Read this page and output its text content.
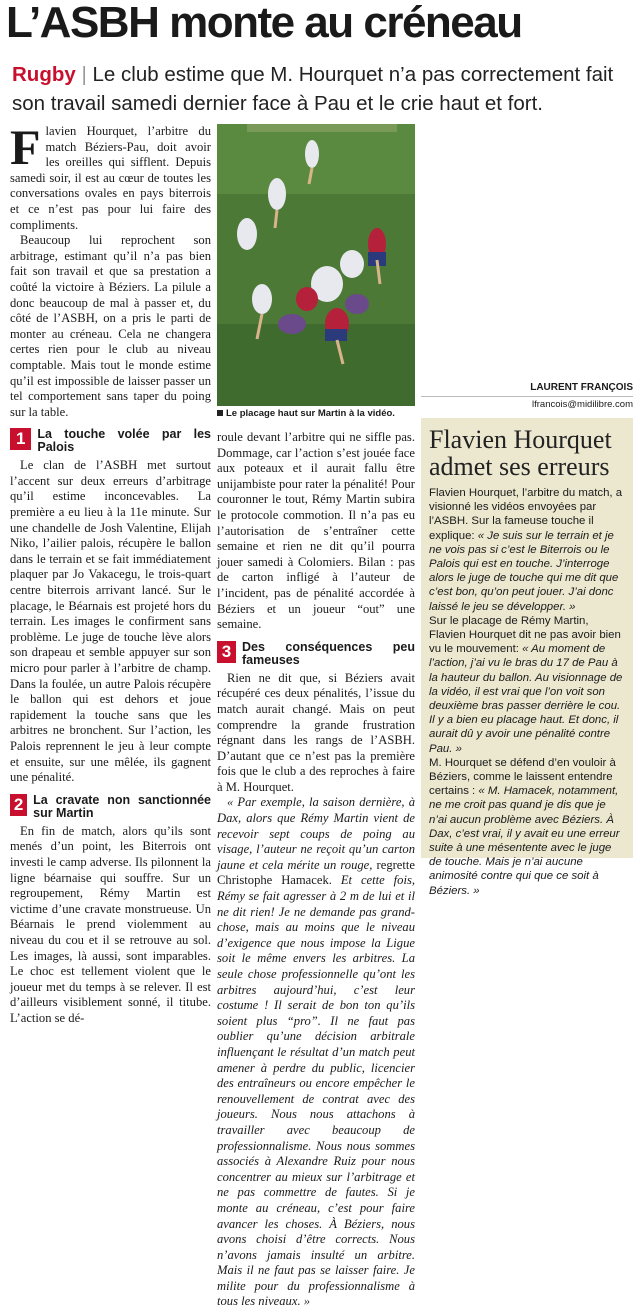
L’ASBH monte au créneau
Rugby | Le club estime que M. Hourquet n’a pas correctement fait son travail samedi dernier face à Pau et le crie haut et fort.

Flavien Hourquet, l’arbitre du match Béziers-Pau, doit avoir les oreilles qui sifflent. Depuis samedi soir, il est au cœur de toutes les conversations ovales en pays biterrois et ce n’est pas pour lui faire des compliments.

Beaucoup lui reprochent son arbitrage, estimant qu’il n’a pas bien fait son travail et que sa prestation a coûté la victoire à Béziers. La pilule a donc beaucoup de mal à passer et, du côté de l’ASBH, on a pris le parti de monter au créneau. Cela ne changera certes rien pour le club au niveau comptable. Mais tout le monde estime qu’il est impossible de laisser passer un tel comportement sans taper du poing sur la table.

1 La touche volée par les Palois

Le clan de l’ASBH met surtout l’accent sur deux erreurs d’arbitrage qu’il estime inconcevables. La première a eu lieu à la 11e minute. Sur une chandelle de Josh Valentine, Elijah Niko, l’ailier palois, récupère le ballon dans le terrain et se fait immédiatement plaquer par Jo Vakacegu, le trois-quart centre biterrois arrivant lancé. Sur le placage, le Béarnais est projeté hors du terrain. Les images le confirment sans problème. Le juge de touche lève alors son drapeau et semble appuyer sur son micro pour parler à l’arbitre de champ. Dans la foulée, un autre Palois récupère le ballon qui est dehors et joue rapidement la touche sans que les arbitres ne bronchent. Sur l’action, les Palois reprennent le jeu à leur compte et ensuite, sur une mêlée, ils gagnent une pénalité.

2 La cravate non sanctionnée sur Martin

En fin de match, alors qu’ils sont menés d’un point, les Biterrois ont investi le camp adverse. Ils pilonnent la ligne béarnaise qui souffre. Sur un regroupement, Rémy Martin est victime d’une cravate monstrueuse. Un Béarnais le prend violemment au niveau du cou et il se retrouve au sol. Les images, là aussi, sont imparables. Le choc est tellement violent que le joueur met du temps à se relever. Il est d’ailleurs visiblement sonné, il titube. L’action se dé-

Le placage haut sur Martin à la vidéo.

roule devant l’arbitre qui ne siffle pas. Dommage, car l’action s’est jouée face aux poteaux et il aurait fallu être unijambiste pour rater la pénalité! Pour couronner le tout, Rémy Martin subira le protocole commotion. Il n’a pas eu l’autorisation de s’entraîner cette semaine et rien ne dit qu’il pourra jouer samedi à Colomiers. Bilan : pas de carton infligé à l’auteur de l’incident, pas de pénalité accordée à Béziers et un joueur “out” une semaine.

3 Des conséquences peu fameuses

Rien ne dit que, si Béziers avait récupéré ces deux pénalités, l’issue du match aurait changé. Mais on peut comprendre la grande frustration régnant dans les rangs de l’ASBH. D’autant que ce n’est pas la première fois que le club a des reproches à faire à M. Hourquet.

« Par exemple, la saison dernière, à Dax, alors que Rémy Martin vient de recevoir sept coups de poing au visage, l’auteur ne reçoit qu’un carton jaune et cela mérite un rouge, regrette Christophe Hamacek. Et cette fois, Rémy se fait agresser à 2 m de lui et il ne dit rien! Je ne demande pas grand-chose, mais au moins que le niveau d’exigence que nous impose la Ligue soit le même envers les arbitres. La seule chose professionnelle qu’ont les arbitres aujourd’hui, c’est leur costume ! Il serait de bon ton qu’ils soient plus “pro”. Il ne faut pas oublier qu’une décision arbitrale influençant le résultat d’un match peut amener à perdre du public, licencier des entraîneurs ou encore empêcher le renouvellement de contrat avec des joueurs. Nous nous attachons à travailler avec beaucoup de professionnalisme. Nous nous sommes associés à Alexandre Ruiz pour nous concentrer au mieux sur l’arbitrage et ne pas commettre de fautes. Si je monte au créneau, c’est pour faire avancer les choses. À Béziers, nous avons choisi d’être corrects. Nous n’avons jamais insulté un arbitre. Mais il ne faut pas se laisser faire. Je milite pour du professionnalisme à tous les niveaux. »

LAURENT FRANÇOIS
lfrancois@midilibre.com
Flavien Hourquet admet ses erreurs

Flavien Hourquet, l’arbitre du match, a visionné les vidéos envoyées par l’ASBH. Sur la fameuse touche il explique: « Je suis sur le terrain et je ne vois pas si c’est le Biterrois ou le Palois qui est en touche. J’interroge alors le juge de touche qui me dit que c’est bon, qu’on peut jouer. J’ai donc laissé le jeu se développer. »

Sur le placage de Rémy Martin, Flavien Hourquet dit ne pas avoir bien vu le mouvement: « Au moment de l’action, j’ai vu le bras du 17 de Pau à la hauteur du ballon. Au visionnage de la vidéo, il est vrai que l’on voit son deuxième bras passer derrière le cou. Il y a bien eu placage haut. Et donc, il aurait dû y avoir une pénalité contre Pau. »

M. Hourquet se défend d’en vouloir à Béziers, comme le laissent entendre certains : « M. Hamacek, notamment, ne me croit pas quand je dis que je n’ai aucun problème avec Béziers. À Dax, c’est vrai, il y avait eu une erreur suite à une mésentente avec le juge de touche. Mais je n’ai aucune animosité contre qui que ce soit à Béziers. »
